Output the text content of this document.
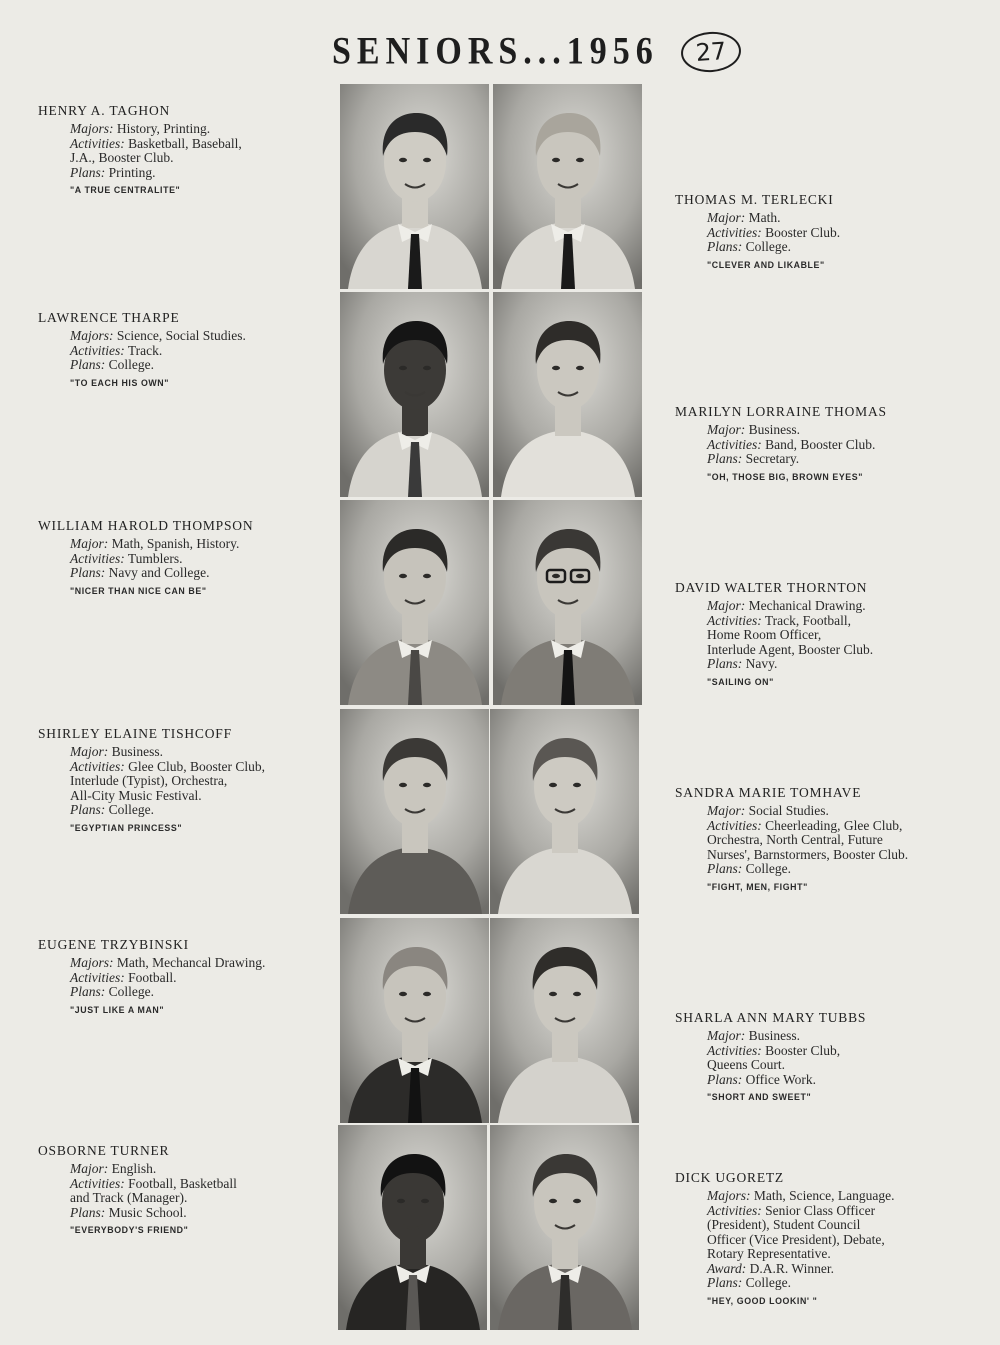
SENIORS...1956	27
HENRY A. TAGHON
Majors: History, Printing.
Activities: Basketball, Baseball,
J.A., Booster Club.
Plans: Printing.
"A TRUE CENTRALITE"
THOMAS M. TERLECKI
Major: Math.
Activities: Booster Club.
Plans: College.
"CLEVER AND LIKABLE"
LAWRENCE THARPE
Majors: Science, Social Studies.
Activities: Track.
Plans: College.
"TO EACH HIS OWN"
MARILYN LORRAINE THOMAS
Major: Business.
Activities: Band, Booster Club.
Plans: Secretary.
"OH, THOSE BIG, BROWN EYES"
WILLIAM HAROLD THOMPSON
Major: Math, Spanish, History.
Activities: Tumblers.
Plans: Navy and College.
"NICER THAN NICE CAN BE"	DAVID WALTER THORNTON
Major: Mechanical Drawing.
Activities: Track, Football,
Home Room Officer,
Interlude Agent, Booster Club.
Plans: Navy.
"SAILING ON"
SHIRLEY ELAINE TISHCOFF
Major: Business.
Activities: Glee Club, Booster Club,
Interlude (Typist), Orchestra,
All-City Music Festival.
Plans: College.
"EGYPTIAN PRINCESS"
SANDRA MARIE TOMHAVE
Major: Social Studies.
Activities: Cheerleading, Glee Club,
Orchestra, North Central, Future
Nurses', Barnstormers, Booster Club.
Plans: College.
"FIGHT, MEN, FIGHT"
EUGENE TRZYBINSKI
Majors: Math, Mechancal Drawing.
Activities: Football.
Plans: College.
"JUST LIKE A MAN"
SHARLA ANN MARY TUBBS
Major: Business.
Activities: Booster Club,
Queens Court.
Plans: Office Work.
"SHORT AND SWEET"
OSBORNE TURNER
Major: English.
Activities: Football, Basketball
and Track (Manager).
Plans: Music School.
"EVERYBODY'S FRIEND"
DICK UGORETZ
Majors: Math, Science, Language.
Activities: Senior Class Officer
(President), Student Council
Officer (Vice President), Debate,
Rotary Representative.
Award: D.A.R. Winner.
Plans: College.
"HEY, GOOD LOOKIN' "
